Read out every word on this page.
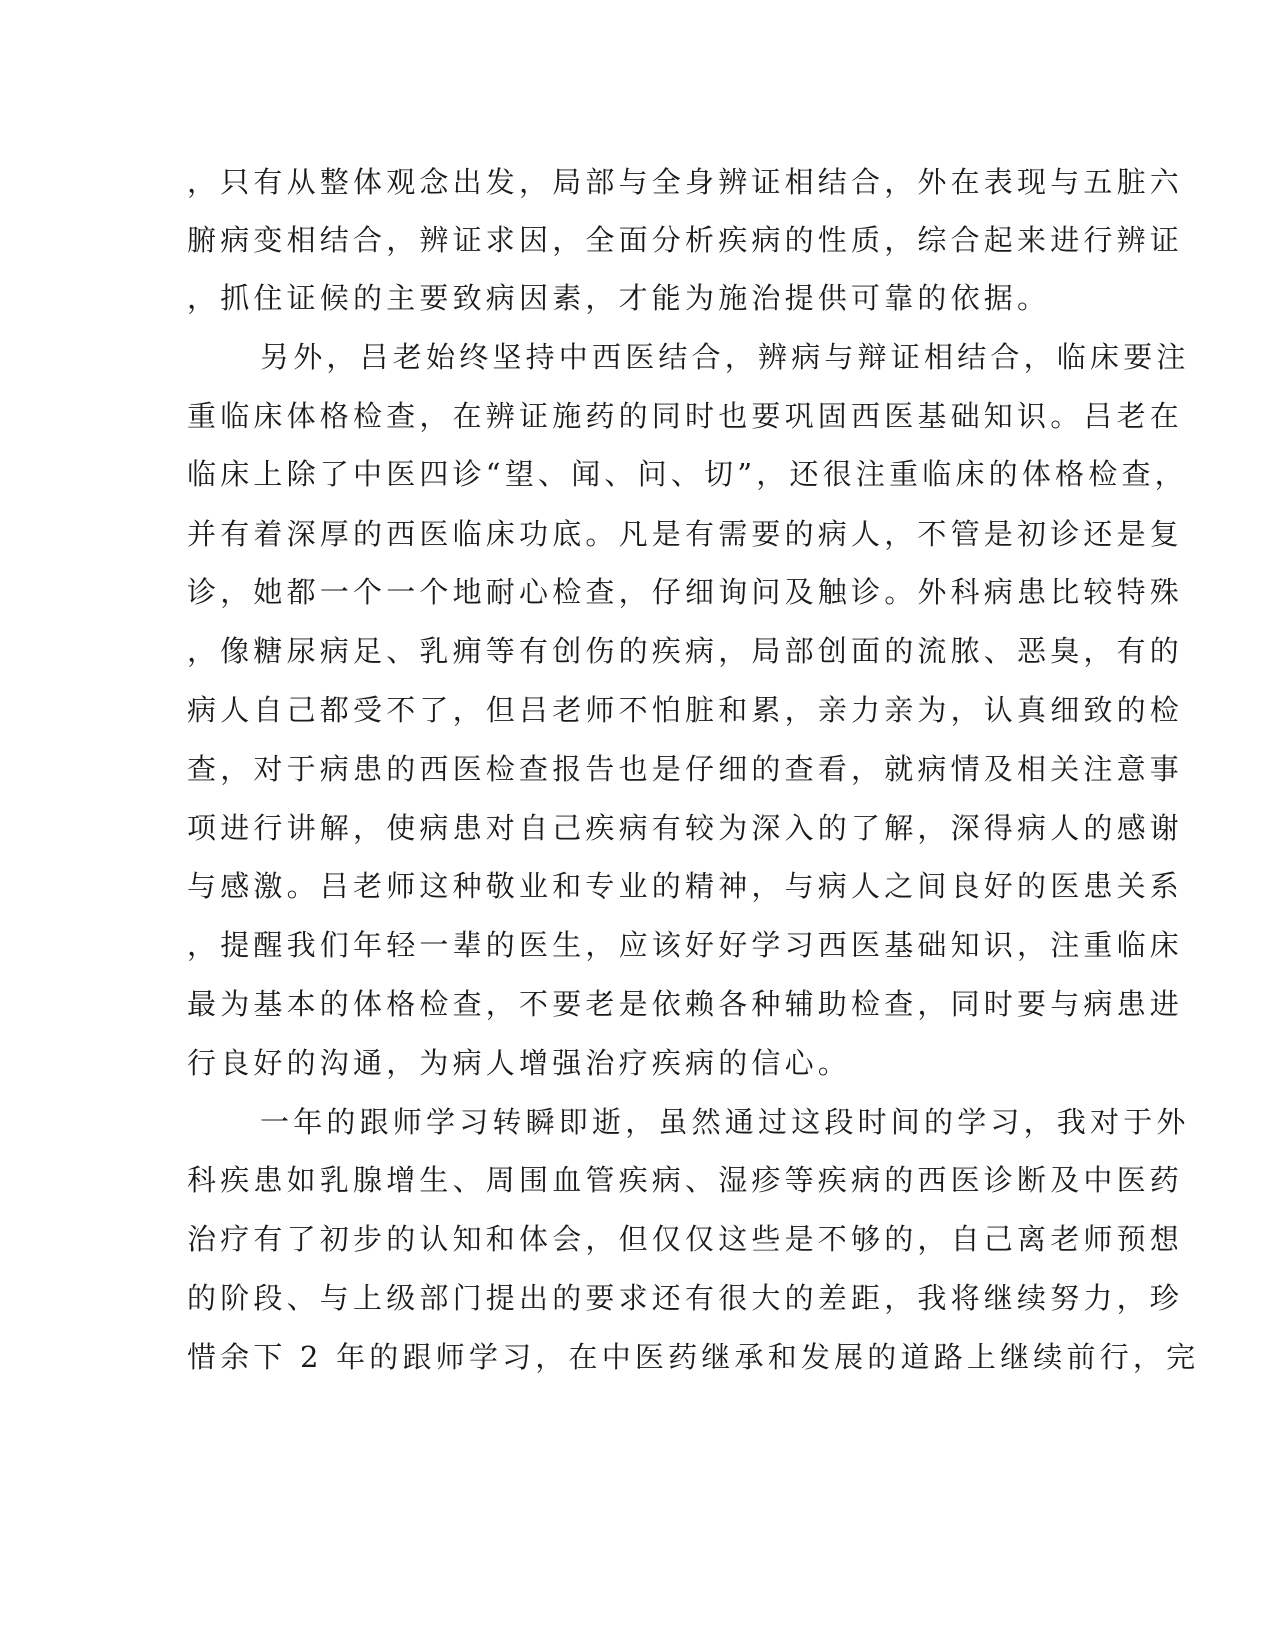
，只有从整体观念出发，局部与全身辨证相结合，外在表现与五脏六
腑病变相结合，辨证求因，全面分析疾病的性质，综合起来进行辨证
，抓住证候的主要致病因素，才能为施治提供可靠的依据。
另外，吕老始终坚持中西医结合，辨病与辩证相结合，临床要注
重临床体格检查，在辨证施药的同时也要巩固西医基础知识。吕老在
临床上除了中医四诊“望、闻、问、切”，还很注重临床的体格检查，
并有着深厚的西医临床功底。凡是有需要的病人，不管是初诊还是复
诊，她都一个一个地耐心检查，仔细询问及触诊。外科病患比较特殊
，像糖尿病足、乳痈等有创伤的疾病，局部创面的流脓、恶臭，有的
病人自己都受不了，但吕老师不怕脏和累，亲力亲为，认真细致的检
查，对于病患的西医检查报告也是仔细的查看，就病情及相关注意事
项进行讲解，使病患对自己疾病有较为深入的了解，深得病人的感谢
与感激。吕老师这种敬业和专业的精神，与病人之间良好的医患关系
，提醒我们年轻一辈的医生，应该好好学习西医基础知识，注重临床
最为基本的体格检查，不要老是依赖各种辅助检查，同时要与病患进
行良好的沟通，为病人增强治疗疾病的信心。
一年的跟师学习转瞬即逝，虽然通过这段时间的学习，我对于外
科疾患如乳腺增生、周围血管疾病、湿疹等疾病的西医诊断及中医药
治疗有了初步的认知和体会，但仅仅这些是不够的，自己离老师预想
的阶段、与上级部门提出的要求还有很大的差距，我将继续努力，珍
惜余下 2 年的跟师学习，在中医药继承和发展的道路上继续前行，完
